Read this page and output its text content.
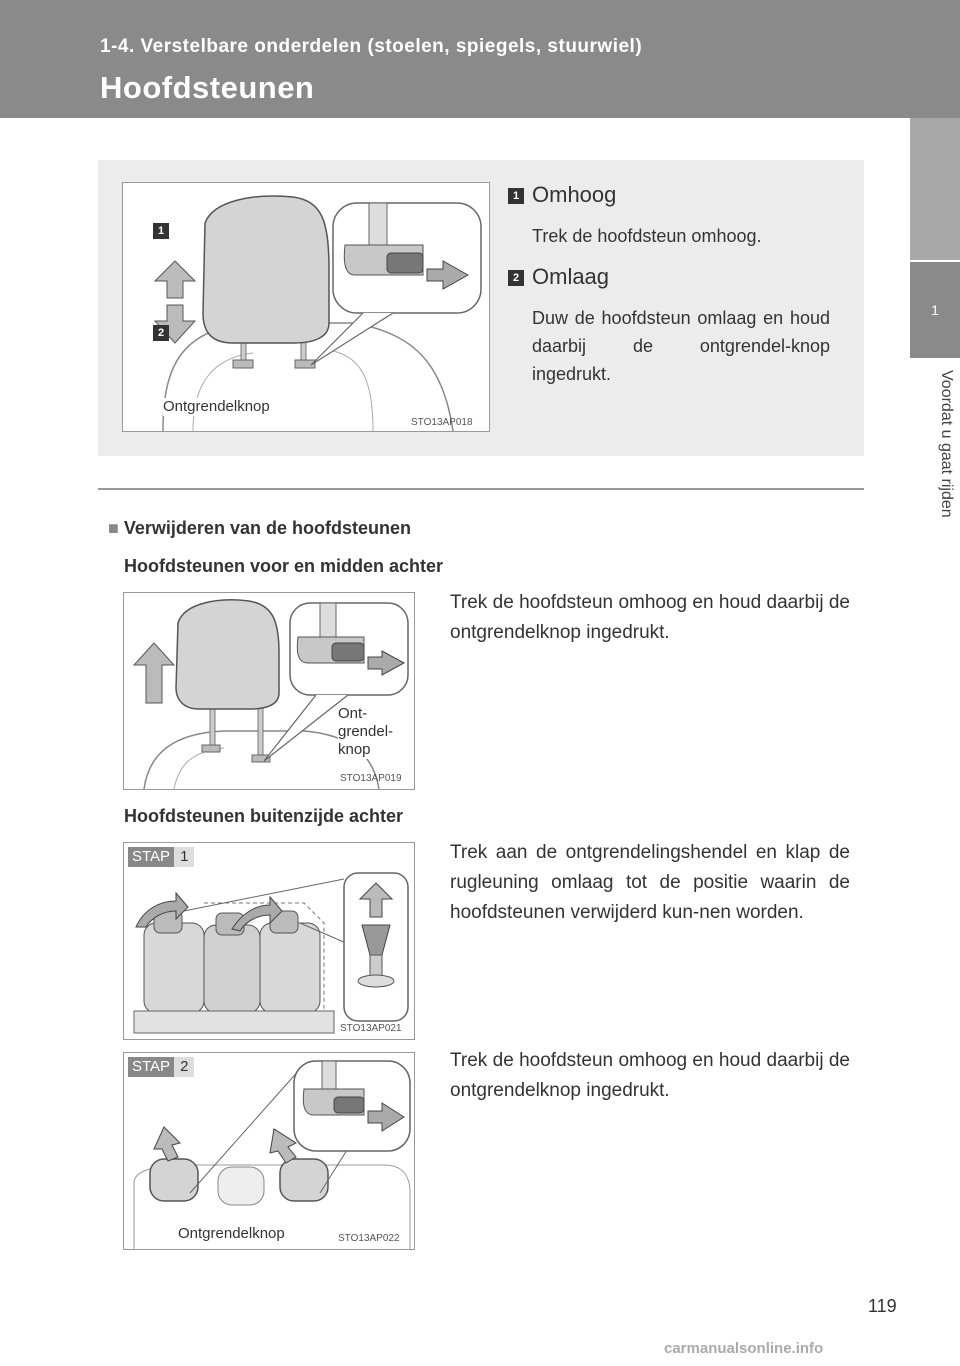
1-4. Verstelbare onderdelen (stoelen, spiegels, stuurwiel)
Hoofdsteunen
1
Voordat u gaat rijden
1
2
Ontgrendelknop
STO13AP018
1 Omhoog
Trek de hoofdsteun omhoog.
2 Omlaag
Duw de hoofdsteun omlaag en houd daarbij de ontgrendel-knop ingedrukt.
■ Verwijderen van de hoofdsteunen
Hoofdsteunen voor en midden achter
Ont-
grendel-
knop
STO13AP019
Trek de hoofdsteun omhoog en houd daarbij de ontgrendelknop ingedrukt.
Hoofdsteunen buitenzijde achter
STAP 1
STO13AP021
Trek aan de ontgrendelingshendel en klap de rugleuning omlaag tot de positie waarin de hoofdsteunen verwijderd kun-nen worden.
STAP 2
Ontgrendelknop	STO13AP022
Trek de hoofdsteun omhoog en houd daarbij de ontgrendelknop ingedrukt.
119
carmanualsonline.info
